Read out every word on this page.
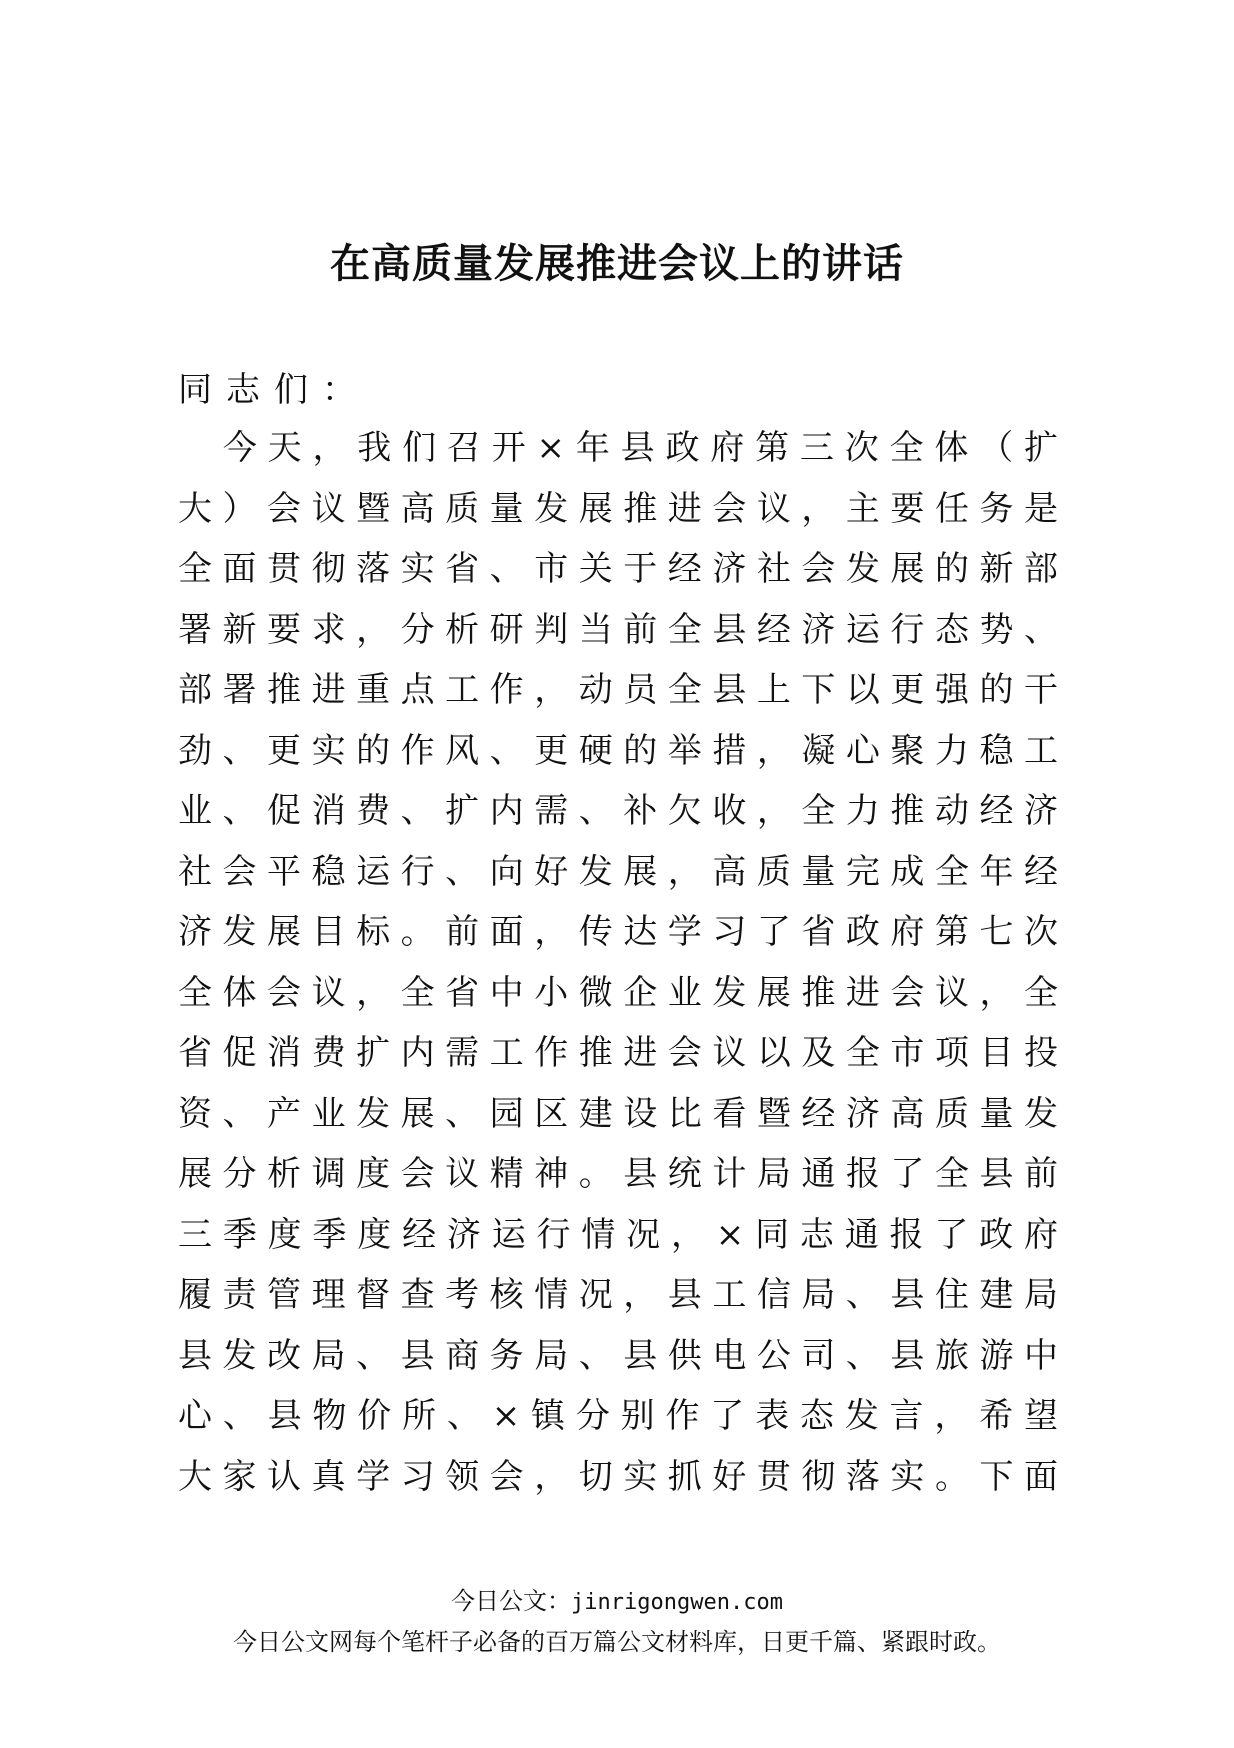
在高质量发展推进会议上的讲话

同志们：

　今天，我们召开×年县政府第三次全体（扩
大）会议暨高质量发展推进会议，主要任务是
全面贯彻落实省、市关于经济社会发展的新部
署新要求，分析研判当前全县经济运行态势、
部署推进重点工作，动员全县上下以更强的干
劲、更实的作风、更硬的举措，凝心聚力稳工
业、促消费、扩内需、补欠收，全力推动经济
社会平稳运行、向好发展，高质量完成全年经
济发展目标。前面，传达学习了省政府第七次
全体会议，全省中小微企业发展推进会议，全
省促消费扩内需工作推进会议以及全市项目投
资、产业发展、园区建设比看暨经济高质量发
展分析调度会议精神。县统计局通报了全县前
三季度季度经济运行情况，×同志通报了政府
履责管理督查考核情况，县工信局、县住建局
县发改局、县商务局、县供电公司、县旅游中
心、县物价所、×镇分别作了表态发言，希望
大家认真学习领会，切实抓好贯彻落实。下面
今日公文：jinrigongwen.com
今日公文网每个笔杆子必备的百万篇公文材料库，日更千篇、紧跟时政。
